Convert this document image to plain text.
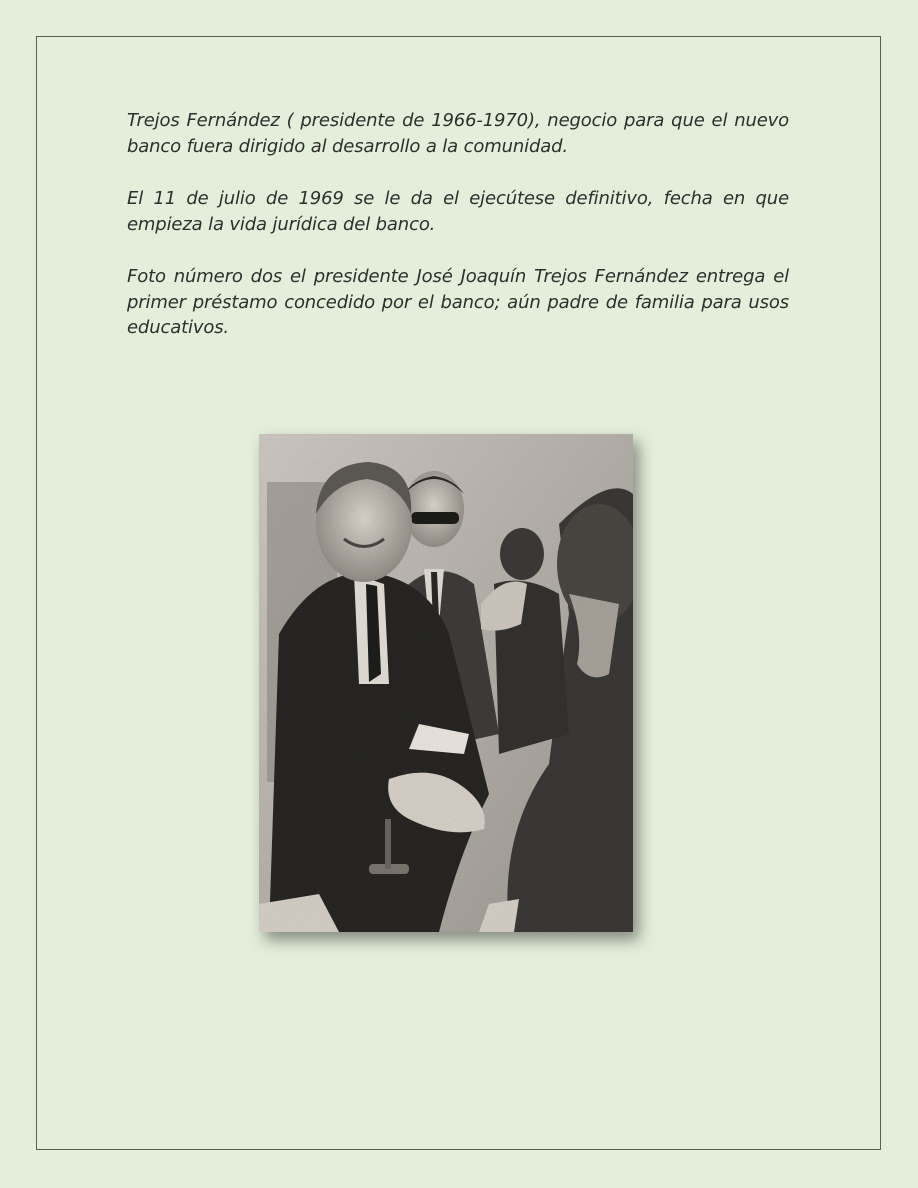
Trejos Fernández ( presidente de 1966-1970), negocio para que el nuevo banco fuera dirigido al desarrollo a la comunidad.

El 11 de julio de 1969 se le da el ejecútese definitivo, fecha en que empieza la vida jurídica del banco.

Foto número dos el presidente José Joaquín Trejos Fernández entrega el primer préstamo concedido por el banco; aún padre de familia para usos educativos.
